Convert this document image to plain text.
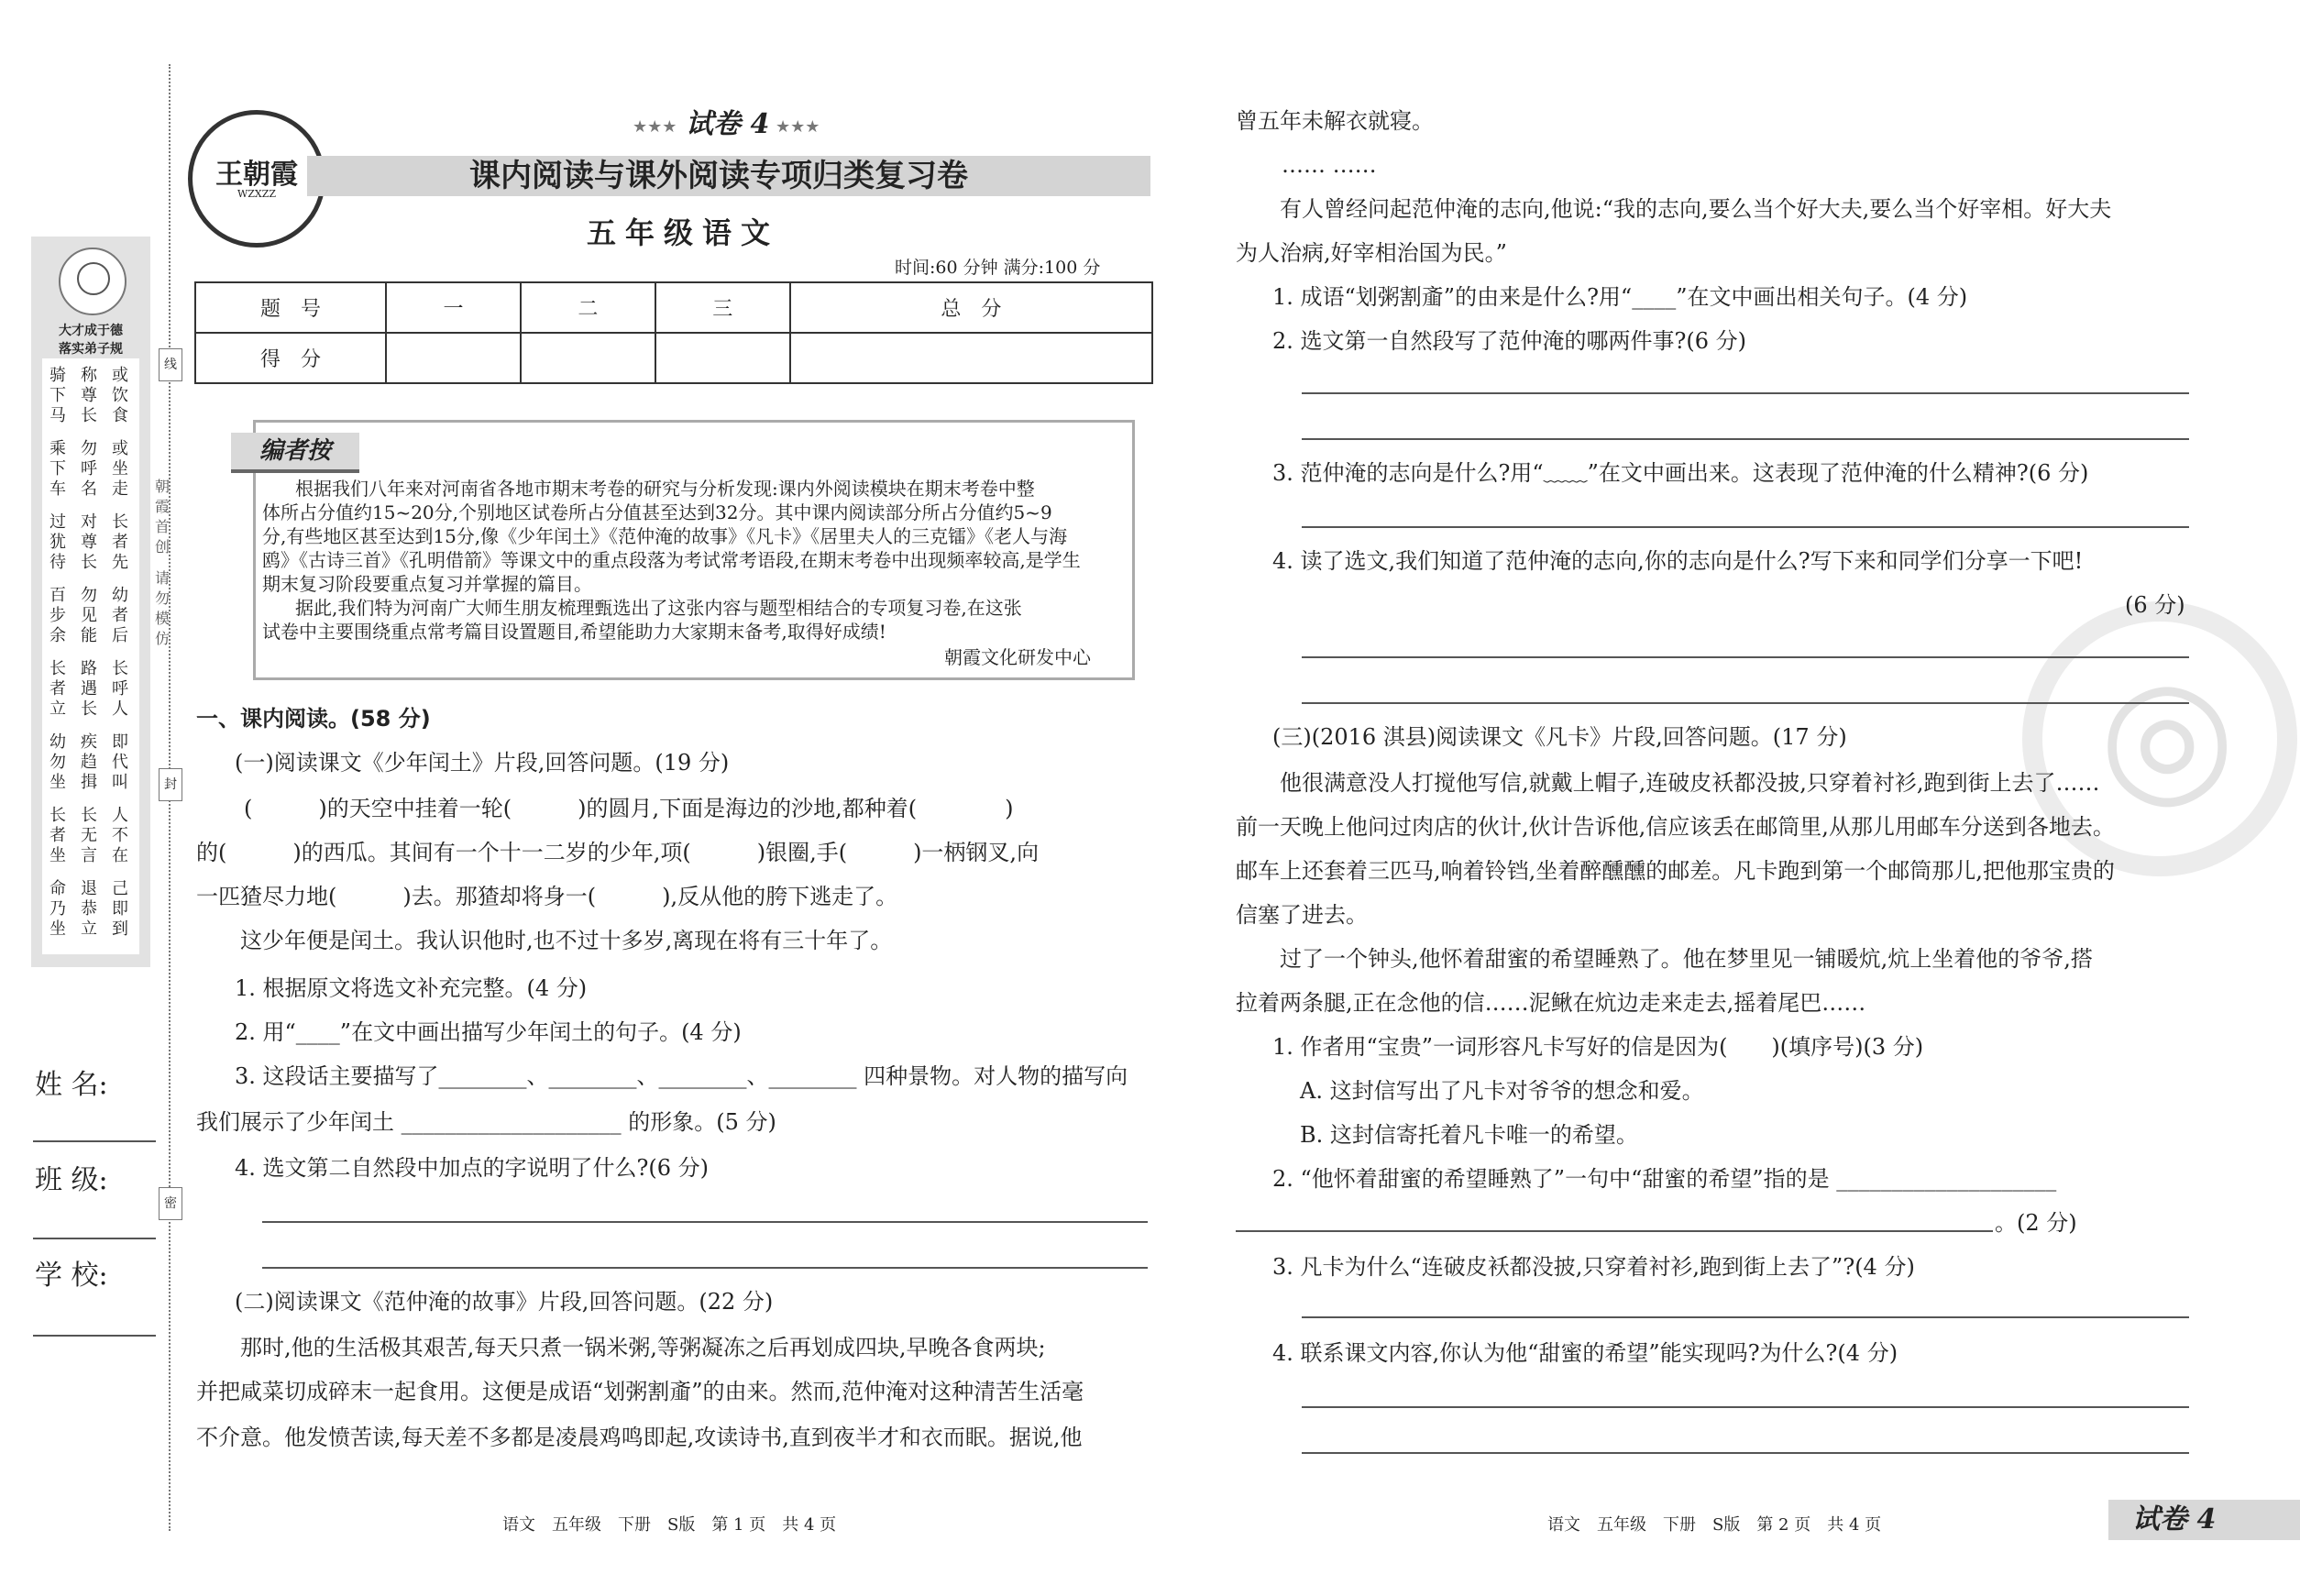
线
封
密
朝霞首创
请勿模仿
大才成于德
落实弟子规
骑下马
称尊长
或饮食
乘下车
勿呼名
或坐走
过犹待
对尊长
长者先
百步余
勿见能
幼者后
长者立
路遇长
长呼人
幼勿坐
疾趋揖
即代叫
长者坐
长无言
人不在
命乃坐
退恭立
己即到
姓 名:
班 级:
学 校:
王朝霞
WZXZZ
★★★ 试卷 4 ★★★
课内阅读与课外阅读专项归类复习卷
五年级语文
时间:60 分钟 满分:100 分
题　号	一	二	三	总　分
得　分				
编者按
根据我们八年来对河南省各地市期末考卷的研究与分析发现:课内外阅读模块在期末考卷中整
体所占分值约15~20分,个别地区试卷所占分值甚至达到32分。其中课内阅读部分所占分值约5~9
分,有些地区甚至达到15分,像《少年闰土》《范仲淹的故事》《凡卡》《居里夫人的三克镭》《老人与海
鸥》《古诗三首》《孔明借箭》等课文中的重点段落为考试常考语段,在期末考卷中出现频率较高,是学生
期末复习阶段要重点复习并掌握的篇目。
据此,我们特为河南广大师生朋友梳理甄选出了这张内容与题型相结合的专项复习卷,在这张
试卷中主要围绕重点常考篇目设置题目,希望能助力大家期末备考,取得好成绩!
朝霞文化研发中心
一、课内阅读。(58 分)
(一)阅读课文《少年闰土》片段,回答问题。(19 分)
(　　　)的天空中挂着一轮(　　　)的圆月,下面是海边的沙地,都种着(　　　　)
的(　　　)的西瓜。其间有一个十一二岁的少年,项(　　　)银圈,手(　　　)一柄钢叉,向
一匹猹尽力地(　　　)去。那猹却将身一(　　　),反从他的胯下逃走了。
这少年便是闰土。我认识他时,也不过十多岁,离现在将有三十年了。
1. 根据原文将选文补充完整。(4 分)
2. 用“____”在文中画出描写少年闰土的句子。(4 分)
3. 这段话主要描写了________、________、________、________ 四种景物。对人物的描写向
我们展示了少年闰土 ____________________ 的形象。(5 分)
4. 选文第二自然段中加点的字说明了什么?(6 分)
(二)阅读课文《范仲淹的故事》片段,回答问题。(22 分)
那时,他的生活极其艰苦,每天只煮一锅米粥,等粥凝冻之后再划成四块,早晚各食两块;
并把咸菜切成碎末一起食用。这便是成语“划粥割齑”的由来。然而,范仲淹对这种清苦生活毫
不介意。他发愤苦读,每天差不多都是凌晨鸡鸣即起,攻读诗书,直到夜半才和衣而眠。据说,他
语文　五年级　下册　S版　第 1 页　共 4 页
◎
曾五年未解衣就寝。
…… ……
有人曾经问起范仲淹的志向,他说:“我的志向,要么当个好大夫,要么当个好宰相。好大夫
为人治病,好宰相治国为民。”
1. 成语“划粥割齑”的由来是什么?用“____”在文中画出相关句子。(4 分)
2. 选文第一自然段写了范仲淹的哪两件事?(6 分)
3. 范仲淹的志向是什么?用“﹏﹏”在文中画出来。这表现了范仲淹的什么精神?(6 分)
4. 读了选文,我们知道了范仲淹的志向,你的志向是什么?写下来和同学们分享一下吧!
(6 分)
(三)(2016 淇县)阅读课文《凡卡》片段,回答问题。(17 分)
他很满意没人打搅他写信,就戴上帽子,连破皮袄都没披,只穿着衬衫,跑到街上去了……
前一天晚上他问过肉店的伙计,伙计告诉他,信应该丢在邮筒里,从那儿用邮车分送到各地去。
邮车上还套着三匹马,响着铃铛,坐着醉醺醺的邮差。凡卡跑到第一个邮筒那儿,把他那宝贵的
信塞了进去。
过了一个钟头,他怀着甜蜜的希望睡熟了。他在梦里见一铺暖炕,炕上坐着他的爷爷,搭
拉着两条腿,正在念他的信……泥鳅在炕边走来走去,摇着尾巴……
1. 作者用“宝贵”一词形容凡卡写好的信是因为(　　)(填序号)(3 分)
A. 这封信写出了凡卡对爷爷的想念和爱。
B. 这封信寄托着凡卡唯一的希望。
2. “他怀着甜蜜的希望睡熟了”一句中“甜蜜的希望”指的是 ____________________
。(2 分)
3. 凡卡为什么“连破皮袄都没披,只穿着衬衫,跑到街上去了”?(4 分)
4. 联系课文内容,你认为他“甜蜜的希望”能实现吗?为什么?(4 分)
语文　五年级　下册　S版　第 2 页　共 4 页	试卷 4
